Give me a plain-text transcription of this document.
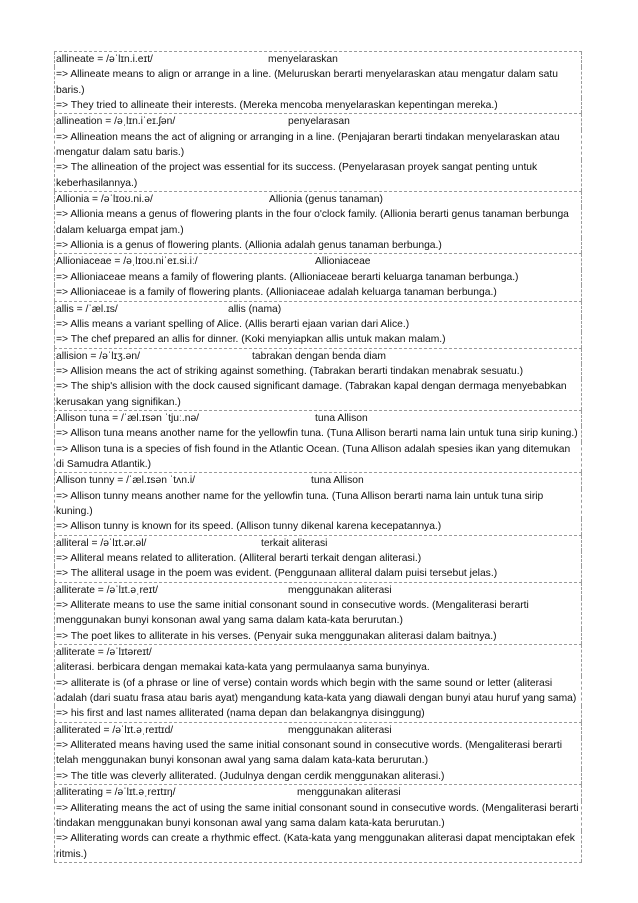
allineate = /əˈlɪn.i.eɪt/	menyelaraskan
=> Allineate means to align or arrange in a line. (Meluruskan berarti menyelaraskan atau mengatur dalam satu baris.)
=> They tried to allineate their interests. (Mereka mencoba menyelaraskan kepentingan mereka.)
allineation = /əˌlɪn.iˈeɪ.ʃən/	penyelarasan
=> Allineation means the act of aligning or arranging in a line. (Penjajaran berarti tindakan menyelaraskan atau mengatur dalam satu baris.)
=> The allineation of the project was essential for its success. (Penyelarasan proyek sangat penting untuk keberhasilannya.)
Allionia = /əˈlɪoʊ.ni.ə/	Allionia (genus tanaman)
=> Allionia means a genus of flowering plants in the four o'clock family. (Allionia berarti genus tanaman berbunga dalam keluarga empat jam.)
=> Allionia is a genus of flowering plants. (Allionia adalah genus tanaman berbunga.)
Allioniaceae = /əˌlɪoʊ.niˈeɪ.si.iː/	Allioniaceae
=> Allioniaceae means a family of flowering plants. (Allioniaceae berarti keluarga tanaman berbunga.)
=> Allioniaceae is a family of flowering plants. (Allioniaceae adalah keluarga tanaman berbunga.)
allis = /ˈæl.ɪs/	allis (nama)
=> Allis means a variant spelling of Alice. (Allis berarti ejaan varian dari Alice.)
=> The chef prepared an allis for dinner. (Koki menyiapkan allis untuk makan malam.)
allision = /əˈlɪʒ.ən/	tabrakan dengan benda diam
=> Allision means the act of striking against something. (Tabrakan berarti tindakan menabrak sesuatu.)
=> The ship's allision with the dock caused significant damage. (Tabrakan kapal dengan dermaga menyebabkan kerusakan yang signifikan.)
Allison tuna = /ˈæl.ɪsən ˈtjuː.nə/	tuna Allison
=> Allison tuna means another name for the yellowfin tuna. (Tuna Allison berarti nama lain untuk tuna sirip kuning.)
=> Allison tuna is a species of fish found in the Atlantic Ocean. (Tuna Allison adalah spesies ikan yang ditemukan di Samudra Atlantik.)
Allison tunny = /ˈæl.ɪsən ˈtʌn.i/	tuna Allison
=> Allison tunny means another name for the yellowfin tuna. (Tuna Allison berarti nama lain untuk tuna sirip kuning.)
=> Allison tunny is known for its speed. (Allison tunny dikenal karena kecepatannya.)
alliteral = /əˈlɪt.ər.əl/	terkait aliterasi
=> Alliteral means related to alliteration. (Alliteral berarti terkait dengan aliterasi.)
=> The alliteral usage in the poem was evident. (Penggunaan alliteral dalam puisi tersebut jelas.)
alliterate = /əˈlɪt.əˌreɪt/	menggunakan aliterasi
=> Alliterate means to use the same initial consonant sound in consecutive words. (Mengaliterasi berarti menggunakan bunyi konsonan awal yang sama dalam kata-kata berurutan.)
=> The poet likes to alliterate in his verses. (Penyair suka menggunakan aliterasi dalam baitnya.)
alliterate = /əˈlɪtəreɪt/
aliterasi. berbicara dengan memakai kata-kata yang permulaanya sama bunyinya.
=> alliterate is (of a phrase or line of verse) contain words which begin with the same sound or letter (aliterasi adalah (dari suatu frasa atau baris ayat) mengandung kata-kata yang diawali dengan bunyi atau huruf yang sama)
=> his first and last names alliterated (nama depan dan belakangnya disinggung)
alliterated = /əˈlɪt.əˌreɪtɪd/	menggunakan aliterasi
=> Alliterated means having used the same initial consonant sound in consecutive words. (Mengaliterasi berarti telah menggunakan bunyi konsonan awal yang sama dalam kata-kata berurutan.)
=> The title was cleverly alliterated. (Judulnya dengan cerdik menggunakan aliterasi.)
alliterating = /əˈlɪt.əˌreɪtɪŋ/	menggunakan aliterasi
=> Alliterating means the act of using the same initial consonant sound in consecutive words. (Mengaliterasi berarti tindakan menggunakan bunyi konsonan awal yang sama dalam kata-kata berurutan.)
=> Alliterating words can create a rhythmic effect. (Kata-kata yang menggunakan aliterasi dapat menciptakan efek ritmis.)
